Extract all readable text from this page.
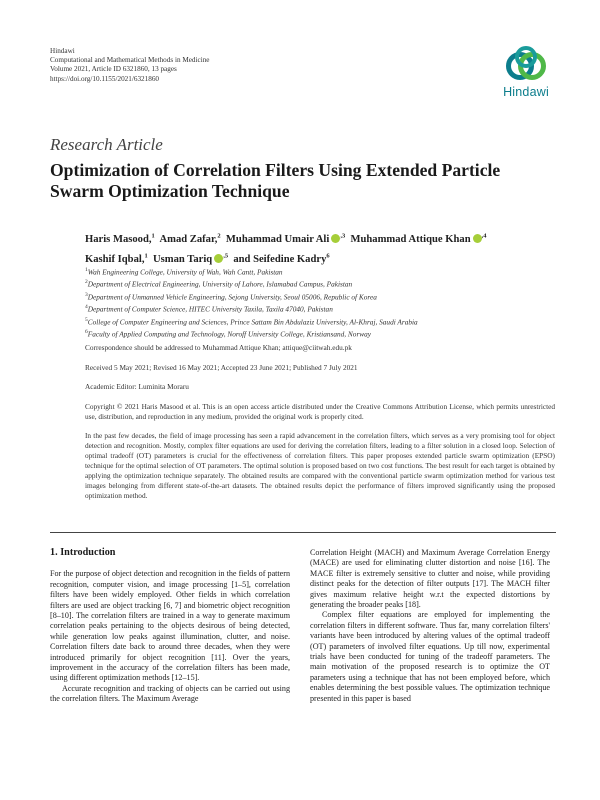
Hindawi
Computational and Mathematical Methods in Medicine
Volume 2021, Article ID 6321860, 13 pages
https://doi.org/10.1155/2021/6321860
Hindawi
Research Article
Optimization of Correlation Filters Using Extended Particle Swarm Optimization Technique
Haris Masood,$^1$ Amad Zafar,$^2$ Muhammad Umair Ali $^{,3}$ Muhammad Attique Khan $^{,4}$
Kashif Iqbal,$^1$ Usman Tariq $^{,5}$ and Seifedine Kadry$^6$
$^1$Wah Engineering College, University of Wah, Wah Cantt, Pakistan
$^2$Department of Electrical Engineering, University of Lahore, Islamabad Campus, Pakistan
$^3$Department of Unmanned Vehicle Engineering, Sejong University, Seoul 05006, Republic of Korea
$^4$Department of Computer Science, HITEC University Taxila, Taxila 47040, Pakistan
$^5$College of Computer Engineering and Sciences, Prince Sattam Bin Abdulaziz University, Al-Khraj, Saudi Arabia
$^6$Faculty of Applied Computing and Technology, Noroff University College, Kristiansand, Norway
Correspondence should be addressed to Muhammad Attique Khan; attique@ciitwah.edu.pk
Received 5 May 2021; Revised 16 May 2021; Accepted 23 June 2021; Published 7 July 2021
Academic Editor: Luminita Moraru
Copyright © 2021 Haris Masood et al. This is an open access article distributed under the Creative Commons Attribution License, which permits unrestricted use, distribution, and reproduction in any medium, provided the original work is properly cited.
In the past few decades, the field of image processing has seen a rapid advancement in the correlation filters, which serves as a very promising tool for object detection and recognition. Mostly, complex filter equations are used for deriving the correlation filters, leading to a filter solution in a closed loop. Selection of optimal tradeoff (OT) parameters is crucial for the effectiveness of correlation filters. This paper proposes extended particle swarm optimization (EPSO) technique for the optimal selection of OT parameters. The optimal solution is proposed based on two cost functions. The best result for each target is obtained by applying the optimization technique separately. The obtained results are compared with the conventional particle swarm optimization method for various test images belonging from different state-of-the-art datasets. The obtained results depict the performance of filters improved significantly using the proposed optimization method.
1. Introduction

For the purpose of object detection and recognition in the fields of pattern recognition, computer vision, and image processing [1–5], correlation filters have been widely employed. Other fields in which correlation filters are used are object tracking [6, 7] and biometric object recognition [8–10]. The correlation filters are trained in a way to generate maximum correlation peaks pertaining to the objects desirous of being detected, while generation low peaks against illumination, clutter, and noise. Correlation filters date back to around three decades, when they were introduced primarily for object recognition [11]. Over the years, improvement in the accuracy of the correlation filters has been made, using different optimization methods [12–15].

Accurate recognition and tracking of objects can be carried out using the correlation filters. The Maximum Average

Correlation Height (MACH) and Maximum Average Correlation Energy (MACE) are used for eliminating clutter distortion and noise [16]. The MACE filter is extremely sensitive to clutter and noise, while providing distinct peaks for the detection of filter outputs [17]. The MACH filter gives maximum relative height w.r.t the expected distortions by generating the broader peaks [18].

Complex filter equations are employed for implementing the correlation filters in different software. Thus far, many correlation filters' variants have been introduced by altering values of the optimal tradeoff (OT) parameters of involved filter equations. Up till now, experimental trials have been conducted for tuning of the tradeoff parameters. The main motivation of the proposed research is to optimize the OT parameters using a technique that has not been employed before, which enables determining the best possible values. The optimization technique presented in this paper is based
